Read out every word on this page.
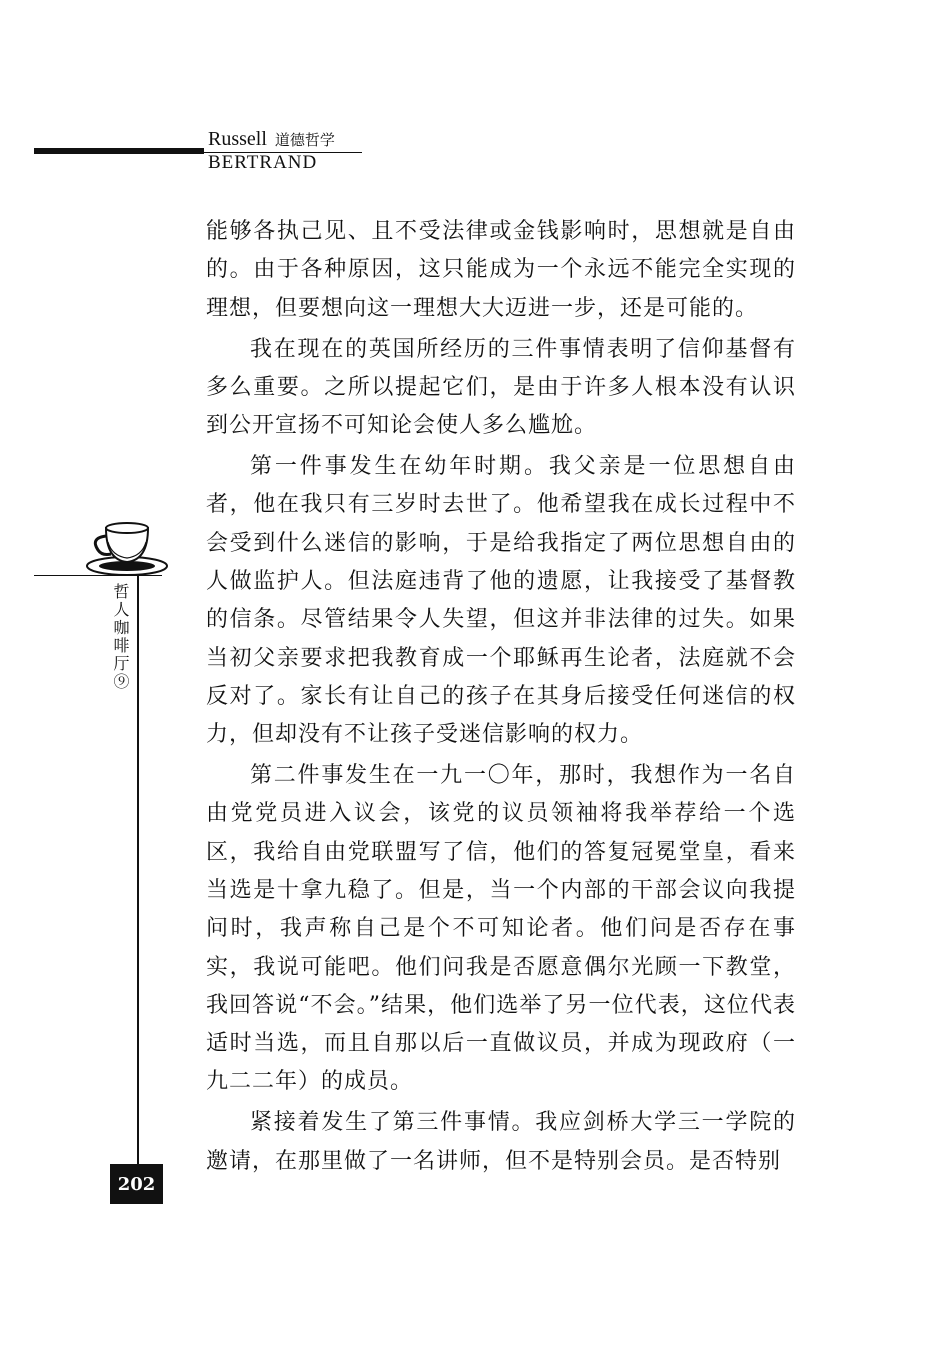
Russell 道德哲学
BERTRAND

能够各执己见、且不受法律或金钱影响时，思想就是自由的。由于各种原因，这只能成为一个永远不能完全实现的理想，但要想向这一理想大大迈进一步，还是可能的。

我在现在的英国所经历的三件事情表明了信仰基督有多么重要。之所以提起它们，是由于许多人根本没有认识到公开宣扬不可知论会使人多么尴尬。

第一件事发生在幼年时期。我父亲是一位思想自由者，他在我只有三岁时去世了。他希望我在成长过程中不会受到什么迷信的影响，于是给我指定了两位思想自由的人做监护人。但法庭违背了他的遗愿，让我接受了基督教的信条。尽管结果令人失望，但这并非法律的过失。如果当初父亲要求把我教育成一个耶稣再生论者，法庭就不会反对了。家长有让自己的孩子在其身后接受任何迷信的权力，但却没有不让孩子受迷信影响的权力。

第二件事发生在一九一〇年，那时，我想作为一名自由党党员进入议会，该党的议员领袖将我举荐给一个选区，我给自由党联盟写了信，他们的答复冠冕堂皇，看来当选是十拿九稳了。但是，当一个内部的干部会议向我提问时，我声称自己是个不可知论者。他们问是否存在事实，我说可能吧。他们问我是否愿意偶尔光顾一下教堂，我回答说“不会。”结果，他们选举了另一位代表，这位代表适时当选，而且自那以后一直做议员，并成为现政府（一九二二年）的成员。

紧接着发生了第三件事情。我应剑桥大学三一学院的邀请，在那里做了一名讲师，但不是特别会员。是否特别

哲人咖啡厅⑨
202
